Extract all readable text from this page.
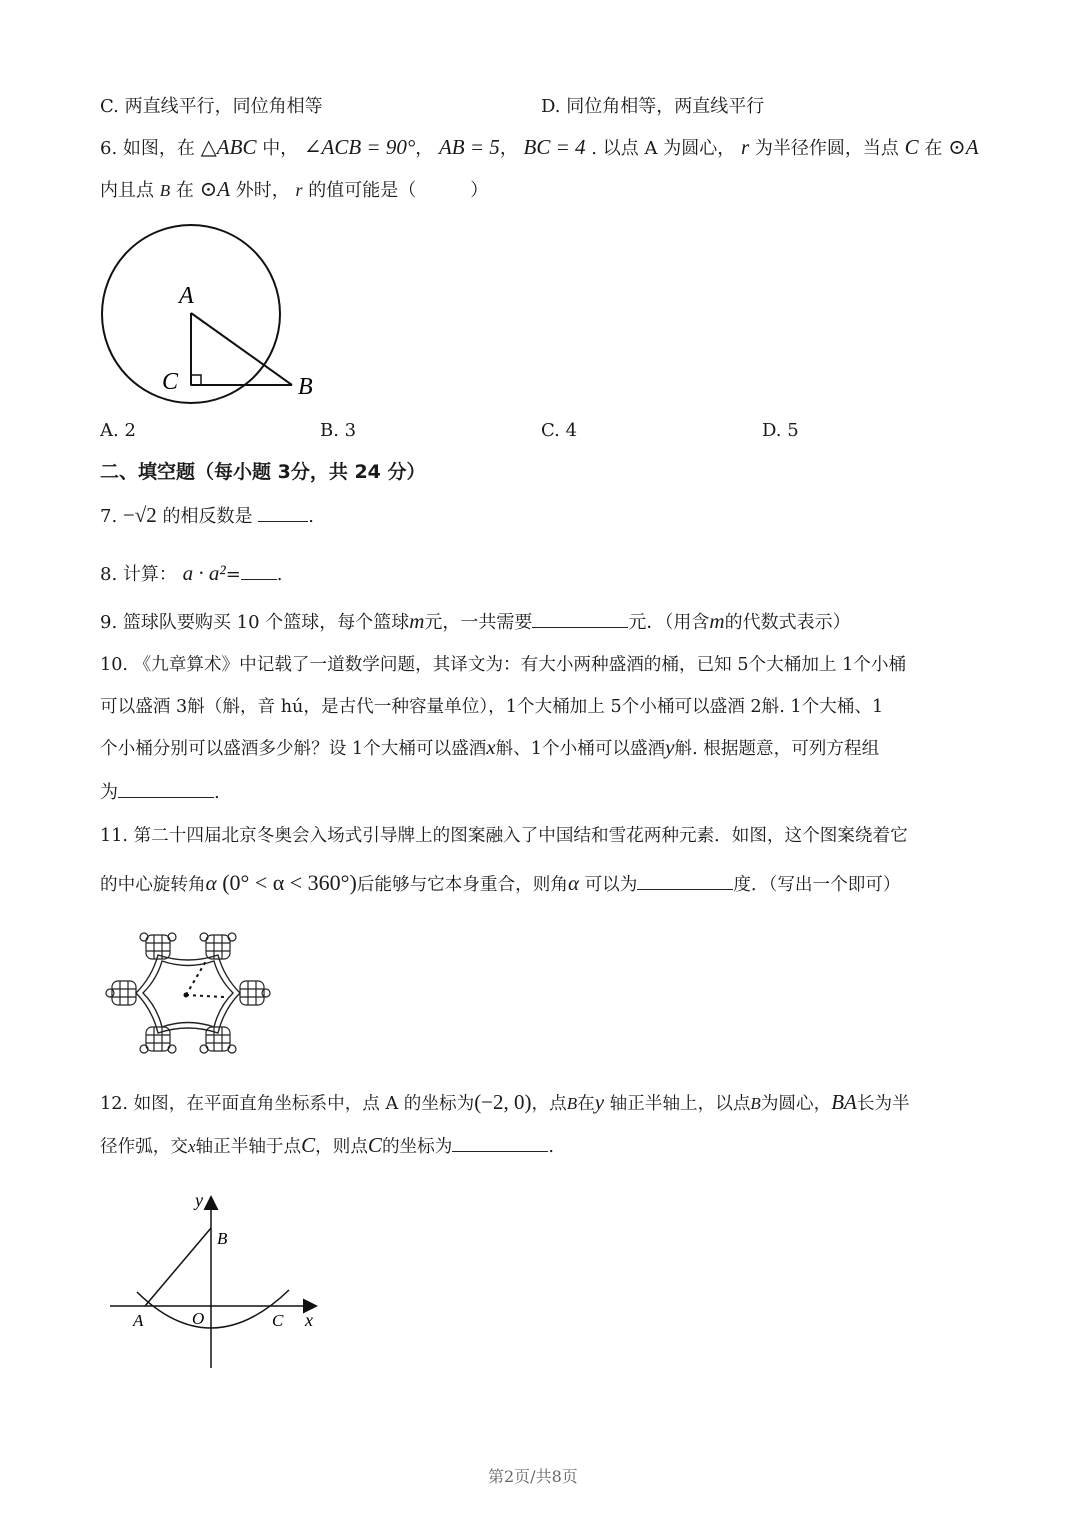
C. 两直线平行，同位角相等	D. 同位角相等，两直线平行
6. 如图，在 △ABC 中， ∠ACB = 90°， AB = 5， BC = 4 . 以点 A 为圆心， r 为半径作圆，当点 C 在 ⊙A
内且点 B 在 ⊙A 外时， r 的值可能是（　　　）
A
C	B
A. 2	B. 3	C. 4	D. 5
二、填空题（每小题 3分，共 24 分）
7. −√2 的相反数是	.
8. 计算： a · a²= .
9. 篮球队要购买 10 个篮球，每个篮球m元，一共需要	元．（用含m的代数式表示）
10. 《九章算术》中记载了一道数学问题，其译文为：有大小两种盛酒的桶，已知 5个大桶加上 1个小桶
可以盛酒 3斛（斛，音 hú，是古代一种容量单位），1个大桶加上 5个小桶可以盛酒 2斛. 1个大桶、1
个小桶分别可以盛酒多少斛？设 1个大桶可以盛酒x斛、1个小桶可以盛酒y斛. 根据题意，可列方程组
为	.
11. 第二十四届北京冬奥会入场式引导牌上的图案融入了中国结和雪花两种元素．如图，这个图案绕着它
的中心旋转角α (0° < α < 360°)后能够与它本身重合，则角α 可以为	度．（写出一个即可）
12. 如图，在平面直角坐标系中，点 A 的坐标为(−2, 0)，点B在y 轴正半轴上，以点B为圆心，BA长为半
径作弧，交x轴正半轴于点C，则点C的坐标为	.
y
x
B
A	O	C
第2页/共8页
